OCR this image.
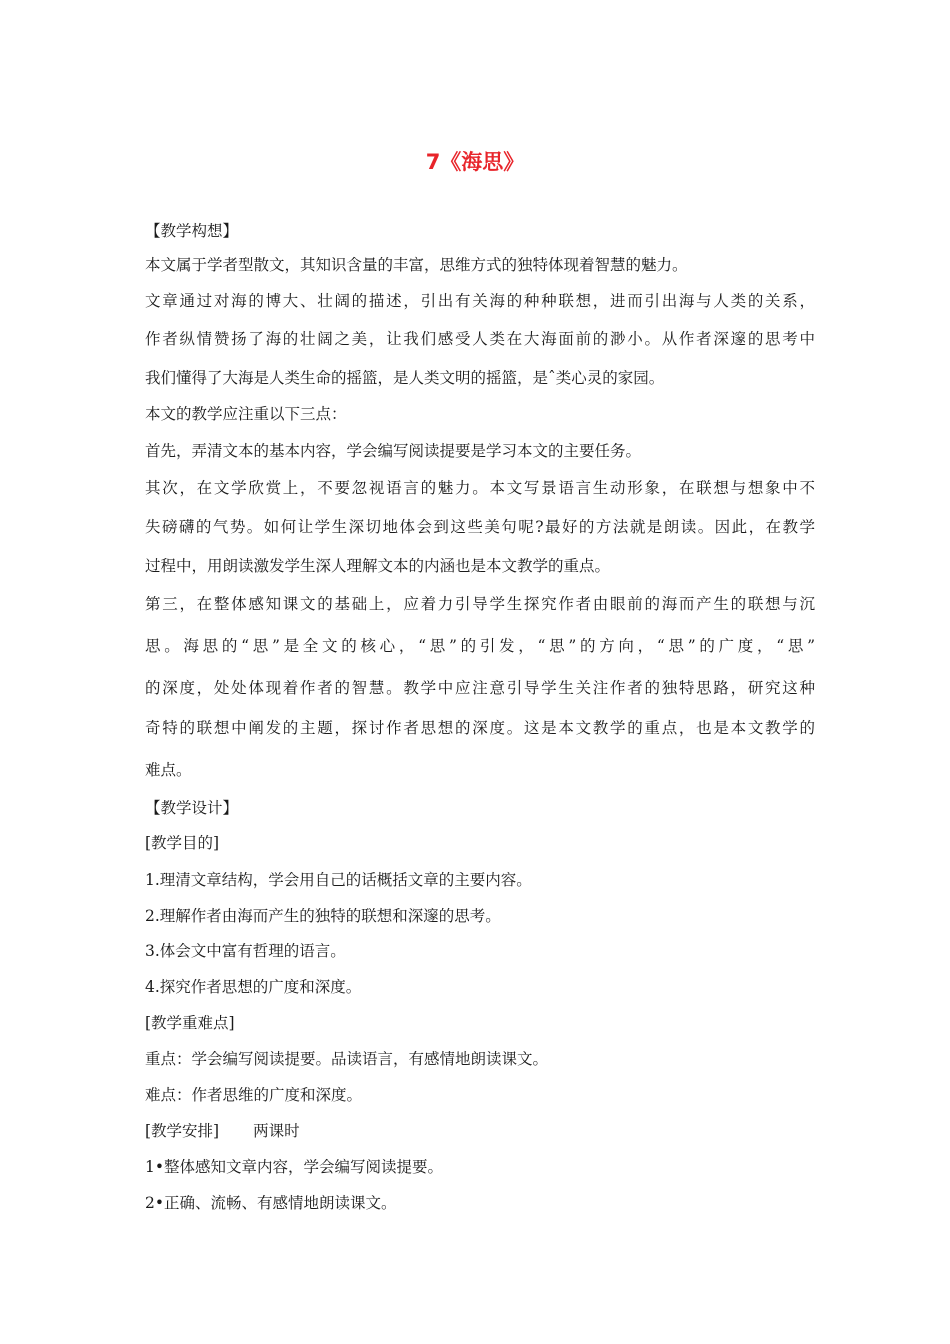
7《海思》
【教学构想】
本文属于学者型散文，其知识含量的丰富，思维方式的独特体现着智慧的魅力。
文章通过对海的博大、壮阔的描述，引出有关海的种种联想，进而引出海与人类的关系，
作者纵情赞扬了海的壮阔之美，让我们感受人类在大海面前的渺小。从作者深邃的思考中
我们懂得了大海是人类生命的摇篮，是人类文明的摇篮，是ˆ类心灵的家园。
本文的教学应注重以下三点：
首先，弄清文本的基本内容，学会编写阅读提要是学习本文的主要任务。
其次，在文学欣赏上，不要忽视语言的魅力。本文写景语言生动形象，在联想与想象中不
失磅礴的气势。如何让学生深切地体会到这些美句呢?最好的方法就是朗读。因此，在教学
过程中，用朗读激发学生深人理解文本的内涵也是本文教学的重点。
第三，在整体感知课文的基础上，应着力引导学生探究作者由眼前的海而产生的联想与沉
思。海思的“思”是全文的核心，“思”的引发，“思”的方向，“思”的广度，“思”
的深度，处处体现着作者的智慧。教学中应注意引导学生关注作者的独特思路，研究这种
奇特的联想中阐发的主题，探讨作者思想的深度。这是本文教学的重点，也是本文教学的
难点。
【教学设计】
[教学目的]
1.理清文章结构，学会用自己的话概括文章的主要内容。
2.理解作者由海而产生的独特的联想和深邃的思考。
3.体会文中富有哲理的语言。
4.探究作者思想的广度和深度。
[教学重难点]
重点：学会编写阅读提要。品读语言，有感情地朗读课文。
难点：作者思维的广度和深度。
[教学安排] 两课时
1•整体感知文章内容，学会编写阅读提要。
2•正确、流畅、有感情地朗读课文。
